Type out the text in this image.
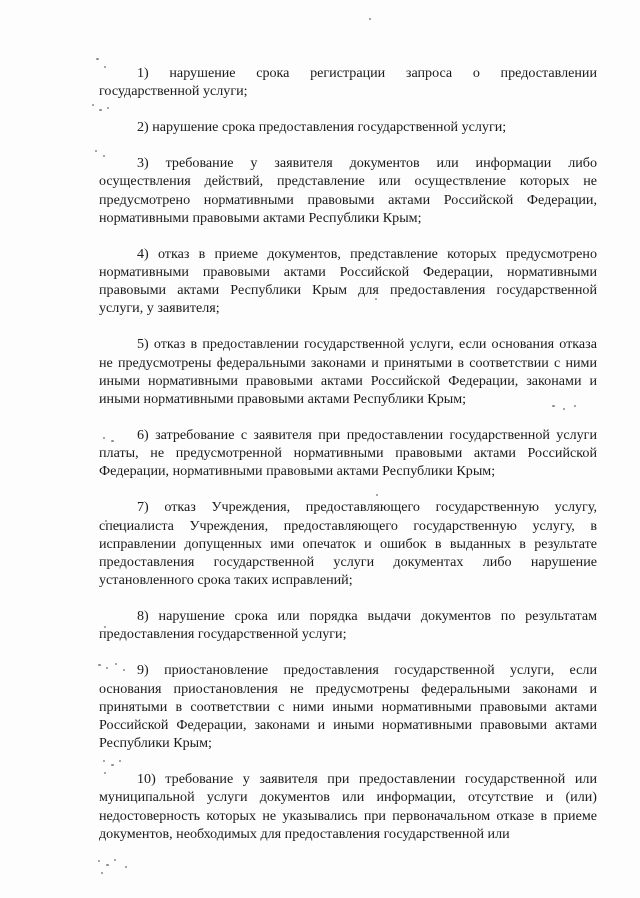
1) нарушение срока регистрации запроса о предоставлении государственной услуги;

2) нарушение срока предоставления государственной услуги;

3) требование у заявителя документов или информации либо осуществления действий, представление или осуществление которых не предусмотрено нормативными правовыми актами Российской Федерации, нормативными правовыми актами Республики Крым;

4) отказ в приеме документов, представление которых предусмотрено нормативными правовыми актами Российской Федерации, нормативными правовыми актами Республики Крым для предоставления государственной услуги, у заявителя;

5) отказ в предоставлении государственной услуги, если основания отказа не предусмотрены федеральными законами и принятыми в соответствии с ними иными нормативными правовыми актами Российской Федерации, законами и иными нормативными правовыми актами Республики Крым;

6) затребование с заявителя при предоставлении государственной услуги платы, не предусмотренной нормативными правовыми актами Российской Федерации, нормативными правовыми актами Республики Крым;

7) отказ Учреждения, предоставляющего государственную услугу, специалиста Учреждения, предоставляющего государственную услугу, в исправлении допущенных ими опечаток и ошибок в выданных в результате предоставления государственной услуги документах либо нарушение установленного срока таких исправлений;

8) нарушение срока или порядка выдачи документов по результатам предоставления государственной услуги;

9) приостановление предоставления государственной услуги, если основания приостановления не предусмотрены федеральными законами и принятыми в соответствии с ними иными нормативными правовыми актами Российской Федерации, законами и иными нормативными правовыми актами Республики Крым;

10) требование у заявителя при предоставлении государственной или муниципальной услуги документов или информации, отсутствие и (или) недостоверность которых не указывались при первоначальном отказе в приеме документов, необходимых для предоставления государственной или
